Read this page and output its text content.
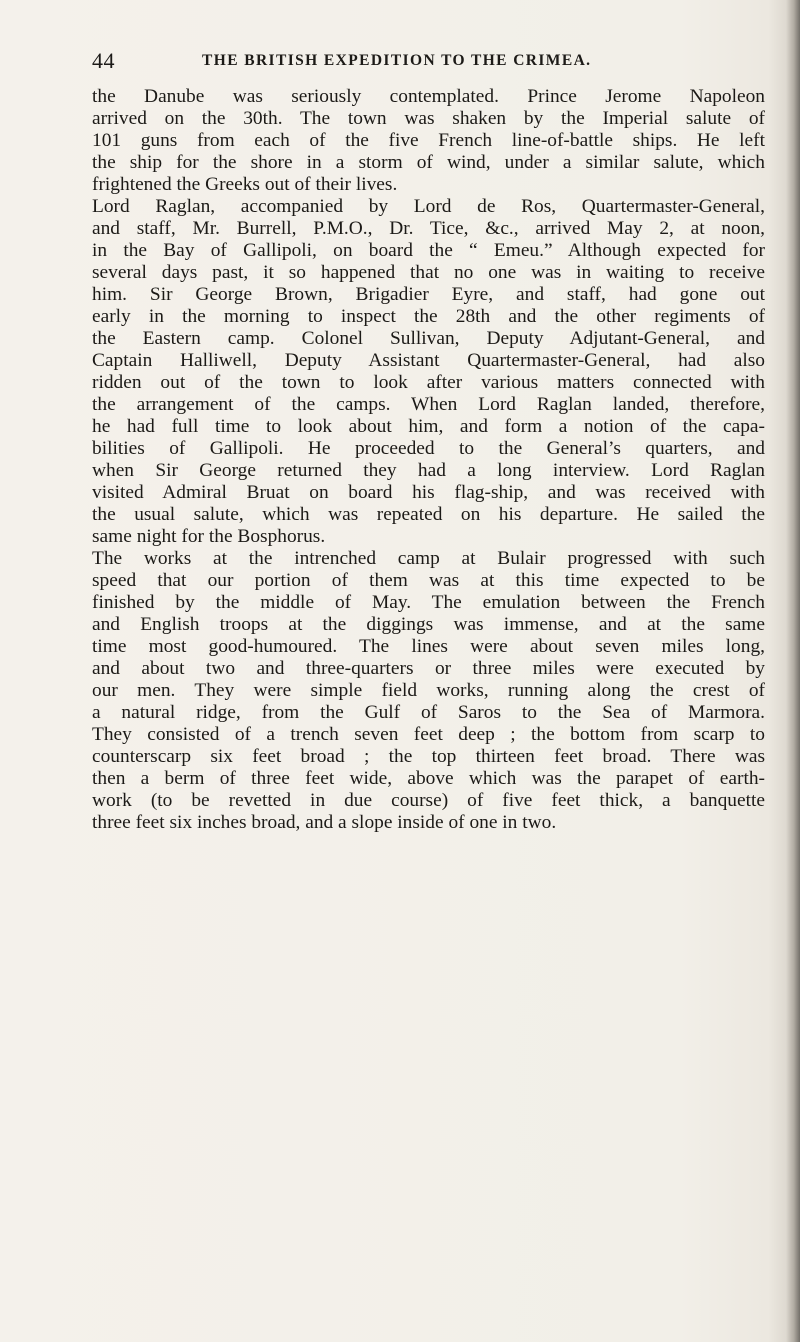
44	THE BRITISH EXPEDITION TO THE CRIMEA.
the Danube was seriously contemplated. Prince Jerome Napoleon
arrived on the 30th. The town was shaken by the Imperial salute of
101 guns from each of the five French line-of-battle ships. He left
the ship for the shore in a storm of wind, under a similar salute, which
frightened the Greeks out of their lives.
Lord Raglan, accompanied by Lord de Ros, Quartermaster-General,
and staff, Mr. Burrell, P.M.O., Dr. Tice, &c., arrived May 2, at noon,
in the Bay of Gallipoli, on board the “ Emeu.” Although expected for
several days past, it so happened that no one was in waiting to receive
him. Sir George Brown, Brigadier Eyre, and staff, had gone out
early in the morning to inspect the 28th and the other regiments of
the Eastern camp. Colonel Sullivan, Deputy Adjutant-General, and
Captain Halliwell, Deputy Assistant Quartermaster-General, had also
ridden out of the town to look after various matters connected with
the arrangement of the camps. When Lord Raglan landed, therefore,
he had full time to look about him, and form a notion of the capa-
bilities of Gallipoli. He proceeded to the General’s quarters, and
when Sir George returned they had a long interview. Lord Raglan
visited Admiral Bruat on board his flag-ship, and was received with
the usual salute, which was repeated on his departure. He sailed the
same night for the Bosphorus.
The works at the intrenched camp at Bulair progressed with such
speed that our portion of them was at this time expected to be
finished by the middle of May. The emulation between the French
and English troops at the diggings was immense, and at the same
time most good-humoured. The lines were about seven miles long,
and about two and three-quarters or three miles were executed by
our men. They were simple field works, running along the crest of
a natural ridge, from the Gulf of Saros to the Sea of Marmora.
They consisted of a trench seven feet deep ; the bottom from scarp to
counterscarp six feet broad ; the top thirteen feet broad. There was
then a berm of three feet wide, above which was the parapet of earth-
work (to be revetted in due course) of five feet thick, a banquette
three feet six inches broad, and a slope inside of one in two.
